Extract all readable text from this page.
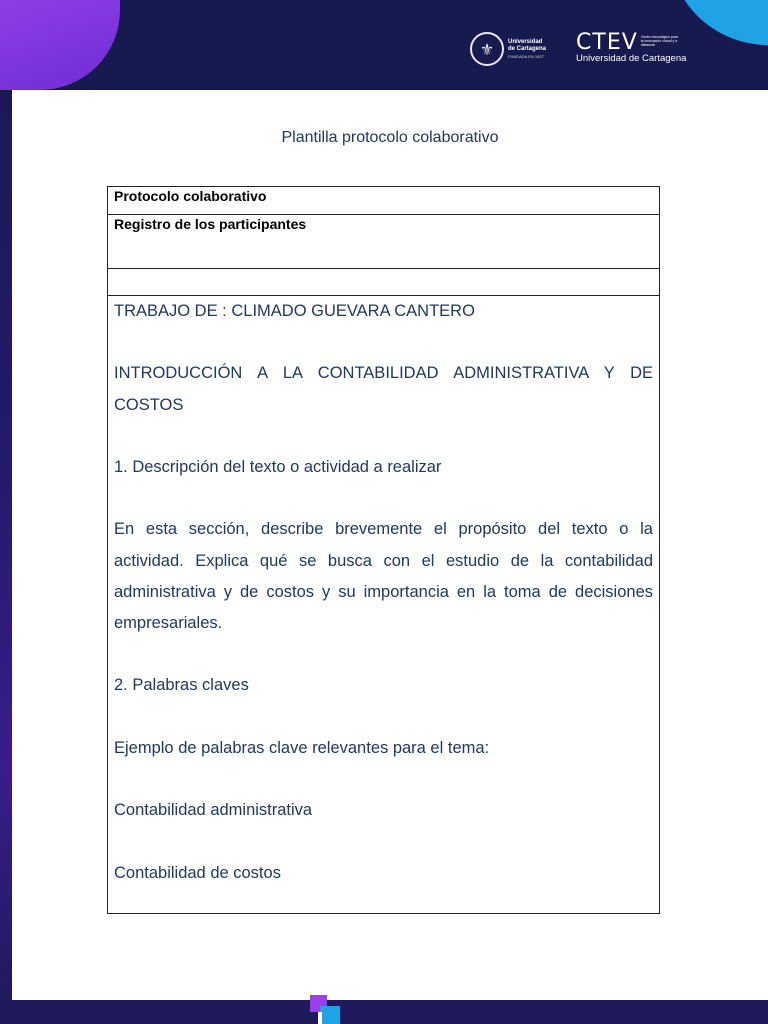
⚜	Universidad
de Cartagena
FUNDADA EN 1827
CTEV Centro tecnológico para la innovación virtual y a distancia
Universidad de Cartagena
Plantilla protocolo colaborativo
Protocolo colaborativo
Registro de los participantes

TRABAJO DE : CLIMADO GUEVARA CANTERO

INTRODUCCIÓN A LA CONTABILIDAD ADMINISTRATIVA Y DE COSTOS

1. Descripción del texto o actividad a realizar

En esta sección, describe brevemente el propósito del texto o la actividad. Explica qué se busca con el estudio de la contabilidad administrativa y de costos y su importancia en la toma de decisiones empresariales.

2. Palabras claves

Ejemplo de palabras clave relevantes para el tema:

Contabilidad administrativa

Contabilidad de costos
